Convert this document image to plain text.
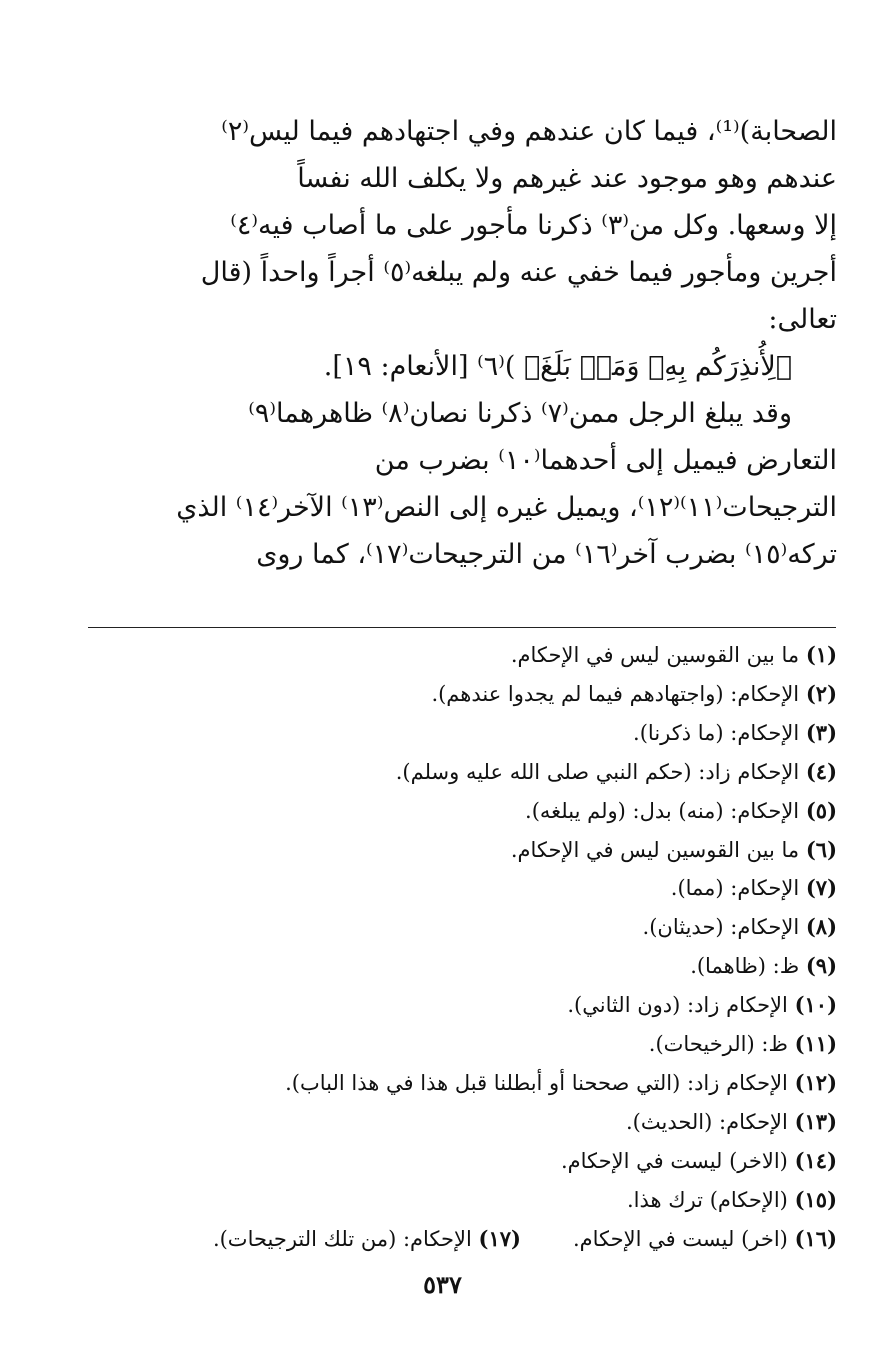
الصحابة)⁽¹⁾، فيما كان عندهم وفي اجتهادهم فيما ليس⁽٢⁾
عندهم وهو موجود عند غيرهم ولا يكلف الله نفساً
إلا وسعها. وكل من⁽٣⁾ ذكرنا مأجور على ما أصاب فيه⁽٤⁾
أجرين ومأجور فيما خفي عنه ولم يبلغه⁽٥⁾ أجراً واحداً (قال
تعالى:
﴿لِأُنذِرَكُم بِهِۦ وَمَنۢ بَلَغَ﴾ )⁽٦⁾ [الأنعام: ١٩].

وقد يبلغ الرجل ممن⁽٧⁾ ذكرنا نصان⁽٨⁾ ظاهرهما⁽٩⁾
التعارض فيميل إلى أحدهما⁽١٠⁾ بضرب من
الترجيحات⁽١١⁾⁽١٢⁾، ويميل غيره إلى النص⁽١٣⁾ الآخر⁽١٤⁾ الذي
تركه⁽١٥⁾ بضرب آخر⁽١٦⁾ من الترجيحات⁽١٧⁾، كما روى

(١) ما بين القوسين ليس في الإحكام.
(٢) الإحكام: (واجتهادهم فيما لم يجدوا عندهم).
(٣) الإحكام: (ما ذكرنا).
(٤) الإحكام زاد: (حكم النبي صلى الله عليه وسلم).
(٥) الإحكام: (منه) بدل: (ولم يبلغه).
(٦) ما بين القوسين ليس في الإحكام.
(٧) الإحكام: (مما).
(٨) الإحكام: (حديثان).
(٩) ظ: (ظاهما).
(١٠) الإحكام زاد: (دون الثاني).
(١١) ظ: (الرخيحات).
(١٢) الإحكام زاد: (التي صححنا أو أبطلنا قبل هذا في هذا الباب).
(١٣) الإحكام: (الحديث).
(١٤) (الاخر) ليست في الإحكام.
(١٥) (الإحكام) ترك هذا.
(١٦) (اخر) ليست في الإحكام.
(١٧) الإحكام: (من تلك الترجيحات).
٥٣٧
